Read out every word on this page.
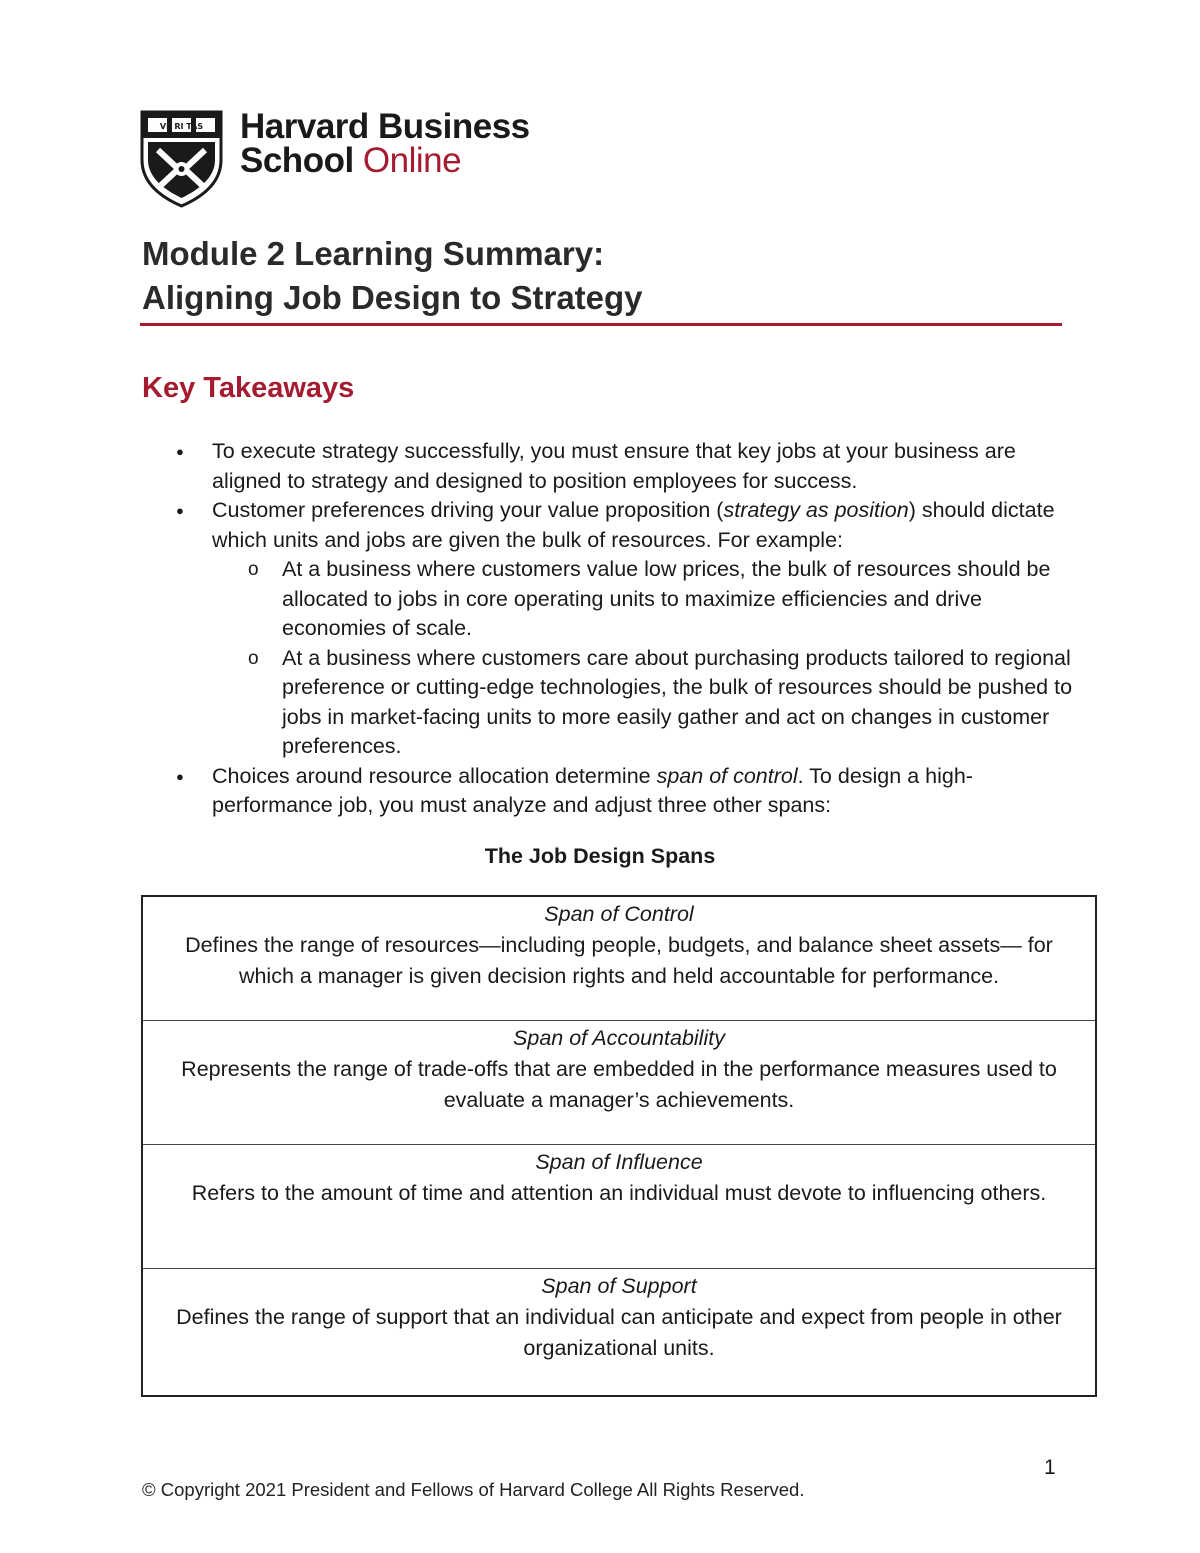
VE RI TAS Harvard Business
School Online
Module 2 Learning Summary:
Aligning Job Design to Strategy
Key Takeaways
● To execute strategy successfully, you must ensure that key jobs at your business are aligned to strategy and designed to position employees for success.
● Customer preferences driving your value proposition (strategy as position) should dictate which units and jobs are given the bulk of resources. For example:
o At a business where customers value low prices, the bulk of resources should be allocated to jobs in core operating units to maximize efficiencies and drive economies of scale.
o At a business where customers care about purchasing products tailored to regional preference or cutting-edge technologies, the bulk of resources should be pushed to jobs in market-facing units to more easily gather and act on changes in customer preferences.
● Choices around resource allocation determine span of control. To design a high-performance job, you must analyze and adjust three other spans:
The Job Design Spans
Span of Control
Defines the range of resources—including people, budgets, and balance sheet assets— for which a manager is given decision rights and held accountable for performance.
Span of Accountability
Represents the range of trade-offs that are embedded in the performance measures used to evaluate a manager’s achievements.
Span of Influence
Refers to the amount of time and attention an individual must devote to influencing others.
Span of Support
Defines the range of support that an individual can anticipate and expect from people in other organizational units.
1
© Copyright 2021 President and Fellows of Harvard College All Rights Reserved.
